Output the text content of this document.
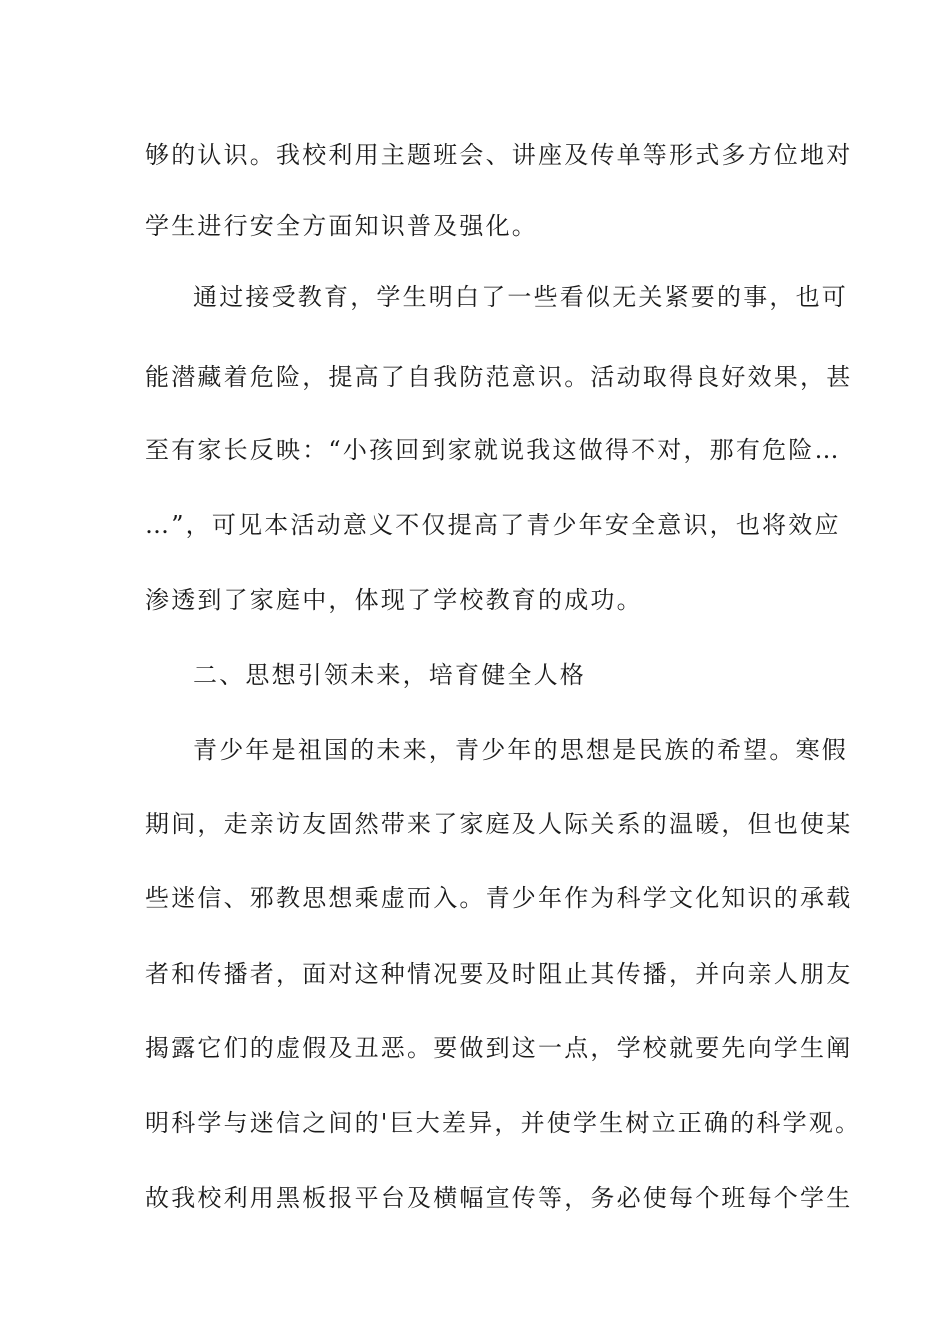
够的认识。我校利用主题班会、讲座及传单等形式多方位地对
学生进行安全方面知识普及强化。
通过接受教育，学生明白了一些看似无关紧要的事，也可
能潜藏着危险，提高了自我防范意识。活动取得良好效果，甚
至有家长反映：“小孩回到家就说我这做得不对，那有危险…
…”，可见本活动意义不仅提高了青少年安全意识，也将效应
渗透到了家庭中，体现了学校教育的成功。
二、思想引领未来，培育健全人格
青少年是祖国的未来，青少年的思想是民族的希望。寒假
期间，走亲访友固然带来了家庭及人际关系的温暖，但也使某
些迷信、邪教思想乘虚而入。青少年作为科学文化知识的承载
者和传播者，面对这种情况要及时阻止其传播，并向亲人朋友
揭露它们的虚假及丑恶。要做到这一点，学校就要先向学生阐
明科学与迷信之间的'巨大差异，并使学生树立正确的科学观。
故我校利用黑板报平台及横幅宣传等，务必使每个班每个学生
